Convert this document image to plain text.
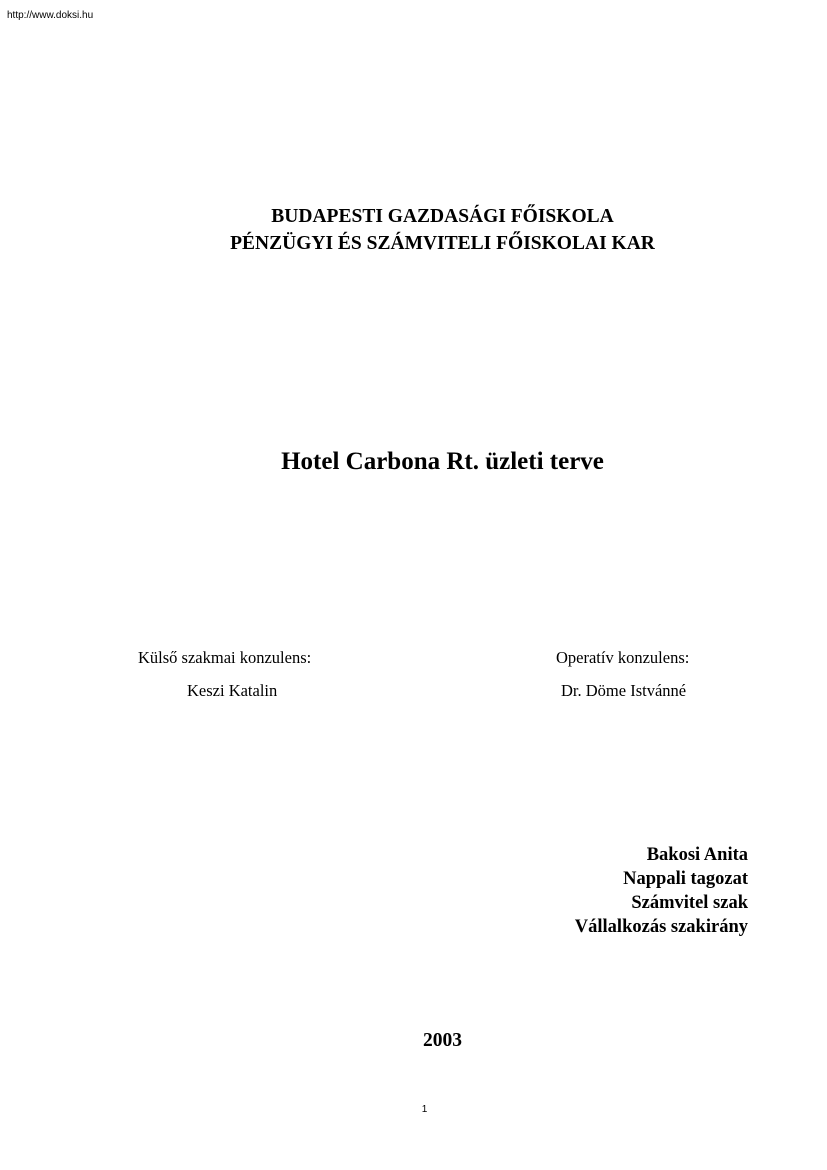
http://www.doksi.hu
BUDAPESTI GAZDASÁGI FŐISKOLA
PÉNZÜGYI ÉS SZÁMVITELI FŐISKOLAI KAR
Hotel Carbona Rt. üzleti terve
Külső szakmai konzulens:
Keszi Katalin
Operatív konzulens:
Dr. Döme Istvánné
Bakosi Anita
Nappali tagozat
Számvitel szak
Vállalkozás szakirány
2003
1
